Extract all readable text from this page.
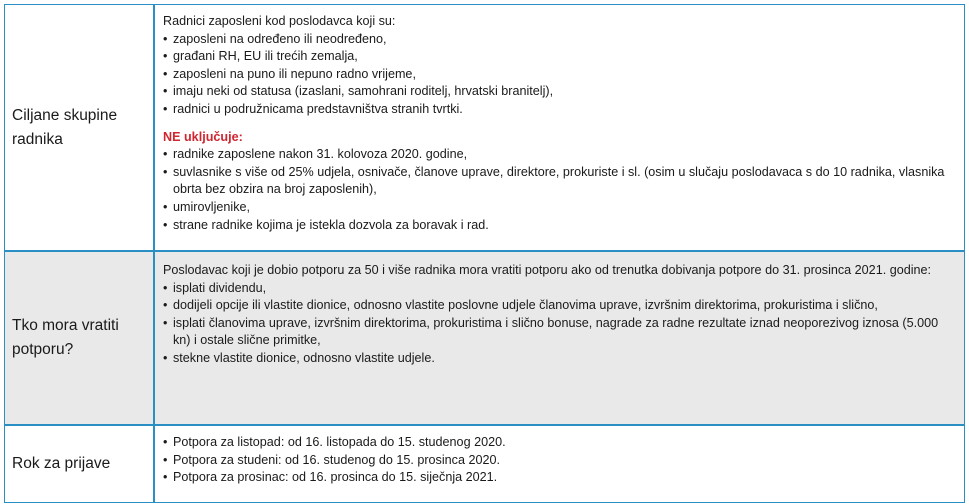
Ciljane skupine radnika

Radnici zaposleni kod poslodavca koji su:

• zaposleni na određeno ili neodređeno,
• građani RH, EU ili trećih zemalja,
• zaposleni na puno ili nepuno radno vrijeme,
• imaju neki od statusa (izaslani, samohrani roditelj, hrvatski branitelj),
• radnici u podružnicama predstavništva stranih tvrtki.
NE uključuje:
• radnike zaposlene nakon 31. kolovoza 2020. godine,
• suvlasnike s više od 25% udjela, osnivače, članove uprave, direktore, prokuriste i sl. (osim u slučaju poslodavaca s do 10 radnika, vlasnika obrta bez obzira na broj zaposlenih),
• umirovljenike,
• strane radnike kojima je istekla dozvola za boravak i rad.
Tko mora vratiti potporu?

Poslodavac koji je dobio potporu za 50 i više radnika mora vratiti potporu ako od trenutka dobivanja potpore do 31. prosinca 2021. godine:

• isplati dividendu,
• dodijeli opcije ili vlastite dionice, odnosno vlastite poslovne udjele članovima uprave, izvršnim direktorima, prokuristima i slično,
• isplati članovima uprave, izvršnim direktorima, prokuristima i slično bonuse, nagrade za radne rezultate iznad neoporezivog iznosa (5.000 kn) i ostale slične primitke,
• stekne vlastite dionice, odnosno vlastite udjele.
Rok za prijave
• Potpora za listopad: od 16. listopada do 15. studenog 2020.
• Potpora za studeni: od 16. studenog do 15. prosinca 2020.
• Potpora za prosinac: od 16. prosinca do 15. siječnja 2021.
